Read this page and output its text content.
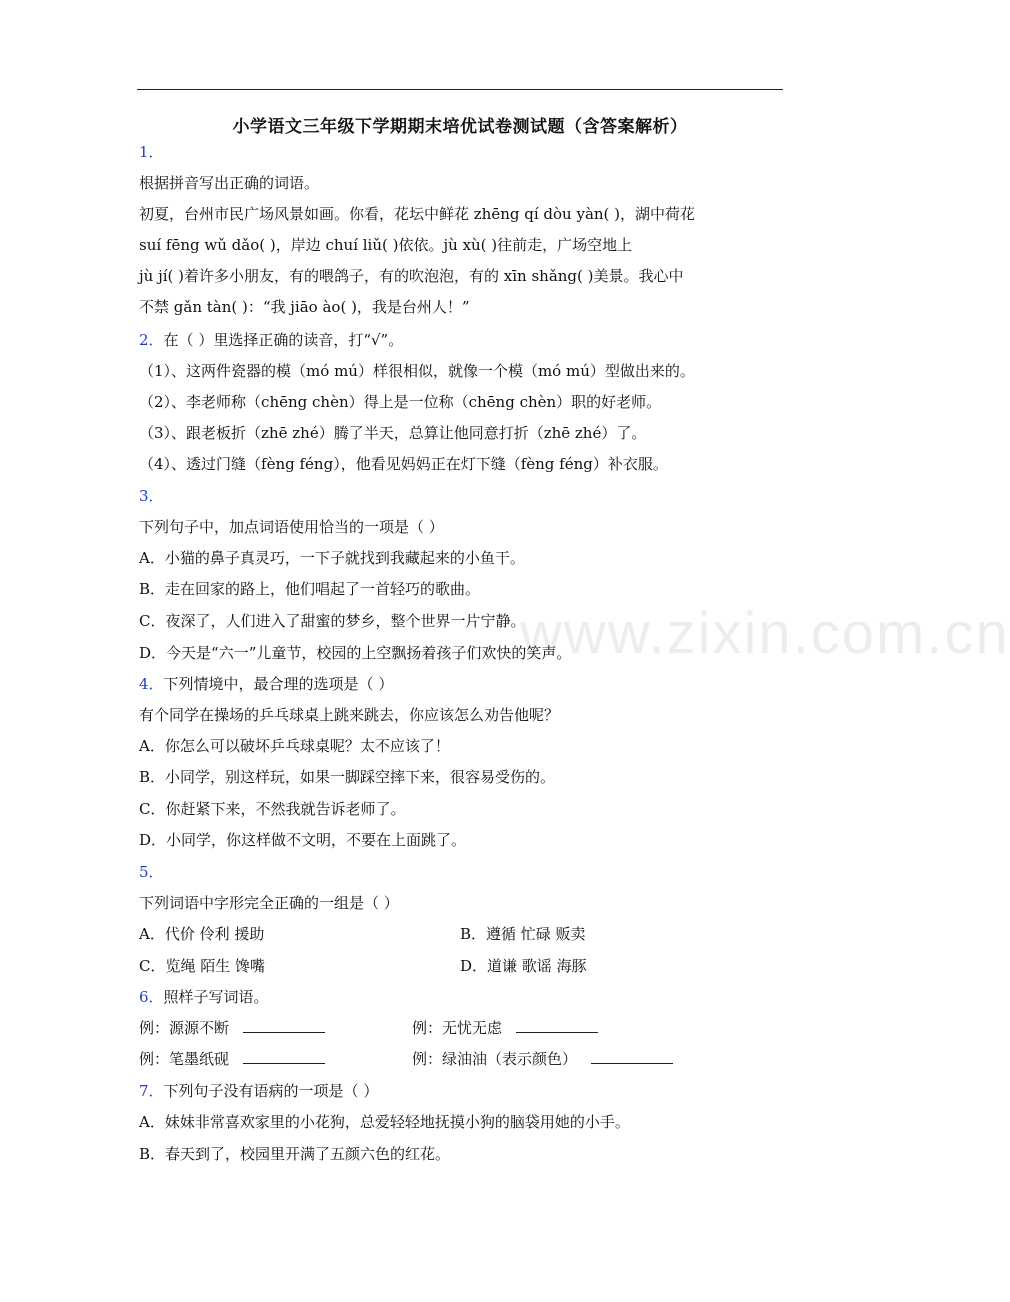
www.zixin.com.cn
小学语文三年级下学期期末培优试卷测试题（含答案解析）
1．
根据拼音写出正确的词语。
初夏，台州市民广场风景如画。你看，花坛中鲜花 zhēng qí dòu yàn( )，湖中荷花
suí fēng wǔ dǎo( )，岸边 chuí liǔ( )依依。jù xù( )往前走，广场空地上
jù jí( )着许多小朋友，有的喂鸽子，有的吹泡泡，有的 xīn shǎng( )美景。我心中
不禁 gǎn tàn( )：“我 jiāo ào( )，我是台州人！”
2．在（ ）里选择正确的读音，打“√”。
（1）、这两件瓷器的模（mó mú）样很相似，就像一个模（mó mú）型做出来的。
（2）、李老师称（chēng chèn）得上是一位称（chēng chèn）职的好老师。
（3）、跟老板折（zhē zhé）腾了半天，总算让他同意打折（zhē zhé）了。
（4）、透过门缝（fèng féng），他看见妈妈正在灯下缝（fèng féng）补衣服。
3．
下列句子中，加点词语使用恰当的一项是（ ）
A．小猫的鼻子真灵巧，一下子就找到我藏起来的小鱼干。
B．走在回家的路上，他们唱起了一首轻巧的歌曲。
C．夜深了，人们进入了甜蜜的梦乡，整个世界一片宁静。
D．今天是“六一”儿童节，校园的上空飘扬着孩子们欢快的笑声。
4．下列情境中，最合理的选项是（ ）
有个同学在操场的乒乓球桌上跳来跳去，你应该怎么劝告他呢？
A．你怎么可以破坏乒乓球桌呢？太不应该了！
B．小同学，别这样玩，如果一脚踩空摔下来，很容易受伤的。
C．你赶紧下来，不然我就告诉老师了。
D．小同学，你这样做不文明，不要在上面跳了。
5．
下列词语中字形完全正确的一组是（ ）
A．代价 伶利 援助	B．遵循 忙碌 贩卖
C．览绳 陌生 馋嘴	D．道谦 歌谣 海豚
6．照样子写词语。
例：源源不断	例：无忧无虑
例：笔墨纸砚	例：绿油油（表示颜色）
7．下列句子没有语病的一项是（ ）
A．妹妹非常喜欢家里的小花狗，总爱轻轻地抚摸小狗的脑袋用她的小手。
B．春天到了，校园里开满了五颜六色的红花。
